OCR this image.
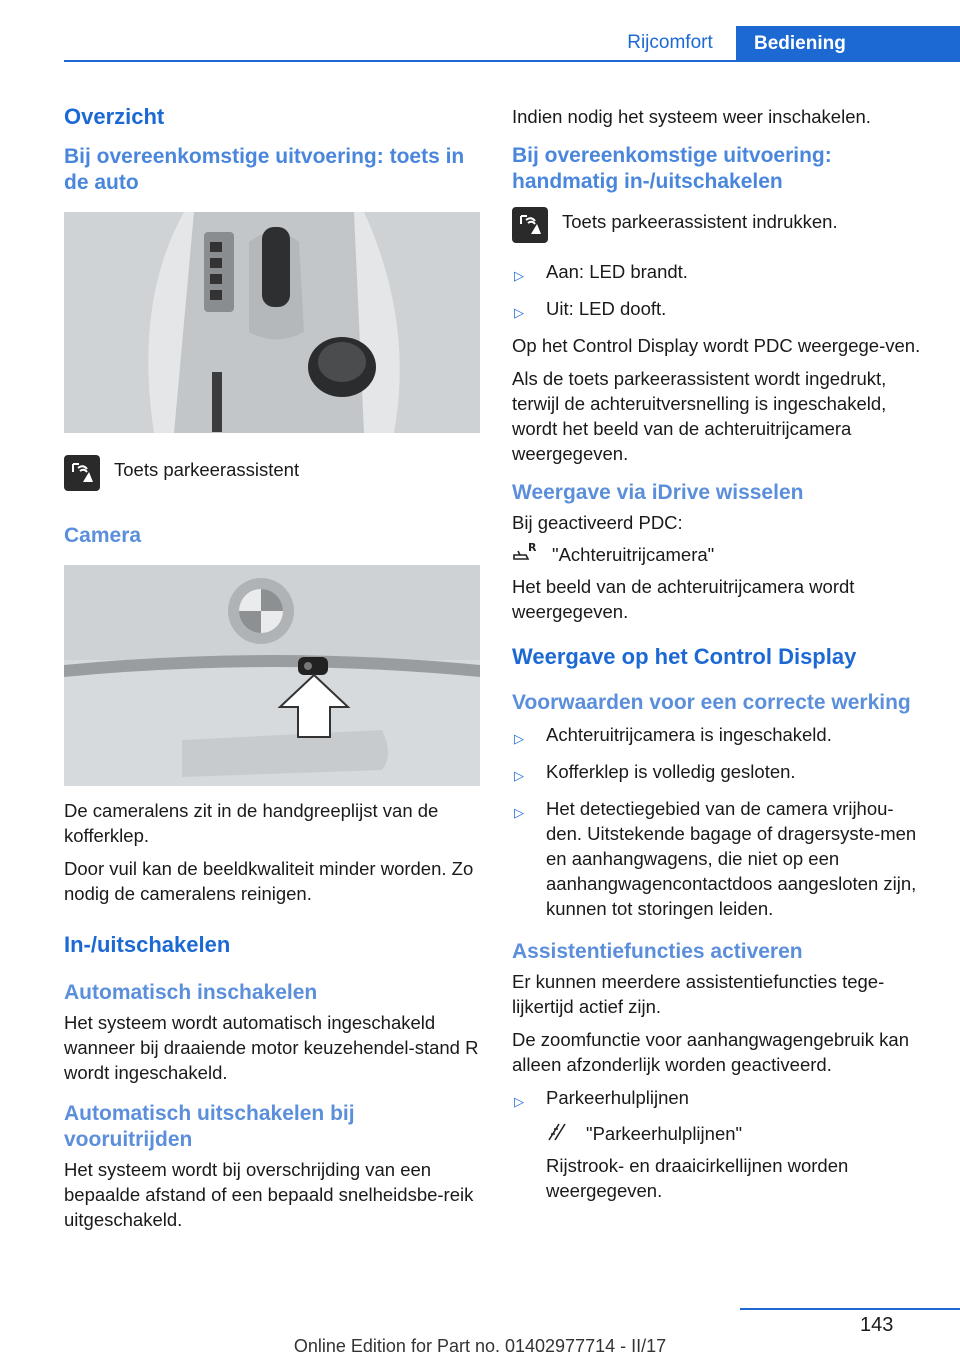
Rijcomfort	Bediening
Overzicht
Bij overeenkomstige uitvoering: toets in de auto
Toets parkeerassistent
Camera

De cameralens zit in de handgreeplijst van de kofferklep.

Door vuil kan de beeldkwaliteit minder worden. Zo nodig de cameralens reinigen.

In-/uitschakelen
Automatisch inschakelen

Het systeem wordt automatisch ingeschakeld wanneer bij draaiende motor keuzehendel-stand R wordt ingeschakeld.

Automatisch uitschakelen bij vooruitrijden

Het systeem wordt bij overschrijding van een bepaalde afstand of een bepaald snelheidsbe-reik uitgeschakeld.

Indien nodig het systeem weer inschakelen.

Bij overeenkomstige uitvoering: handmatig in-/uitschakelen
Toets parkeerassistent indrukken.
▷	Aan: LED brandt.
▷	Uit: LED dooft.

Op het Control Display wordt PDC weergege-ven.

Als de toets parkeerassistent wordt ingedrukt, terwijl de achteruitversnelling is ingeschakeld, wordt het beeld van de achteruitrijcamera weergegeven.

Weergave via iDrive wisselen

Bij geactiveerd PDC:

R "Achteruitrijcamera"

Het beeld van de achteruitrijcamera wordt weergegeven.

Weergave op het Control Display
Voorwaarden voor een correcte werking
▷	Achteruitrijcamera is ingeschakeld.
▷	Kofferklep is volledig gesloten.
▷	Het detectiegebied van de camera vrijhou-den. Uitstekende bagage of dragersyste-men en aanhangwagens, die niet op een aanhangwagencontactdoos aangesloten zijn, kunnen tot storingen leiden.
Assistentiefuncties activeren

Er kunnen meerdere assistentiefuncties tege-lijkertijd actief zijn.

De zoomfunctie voor aanhangwagengebruik kan alleen afzonderlijk worden geactiveerd.

▷	Parkeerhulplijnen
"Parkeerhulplijnen"

Rijstrook- en draaicirkellijnen worden weergegeven.

143
Online Edition for Part no. 01402977714 - II/17
